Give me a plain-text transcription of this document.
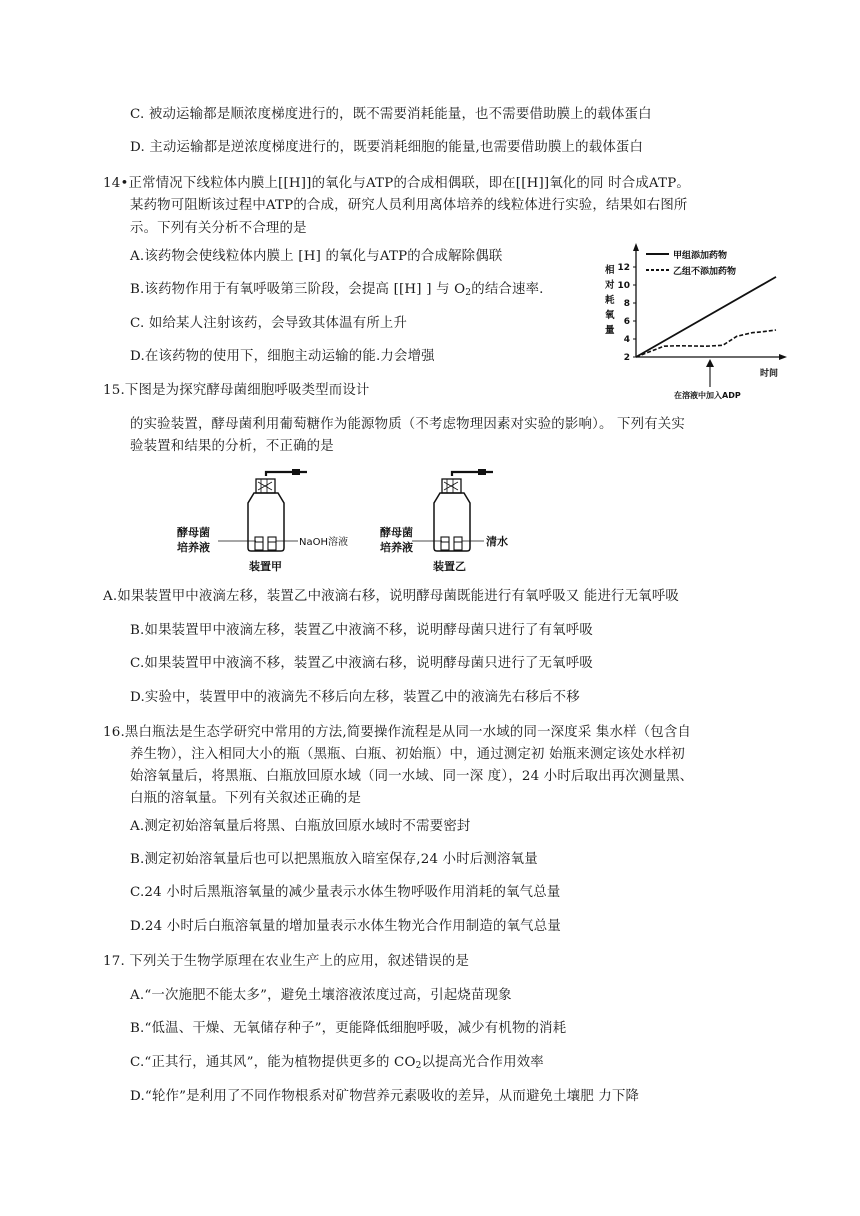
C. 被动运输都是顺浓度梯度进行的，既不需要消耗能量，也不需要借助膜上的载体蛋白
D. 主动运输都是逆浓度梯度进行的，既要消耗细胞的能量,也需要借助膜上的载体蛋白
14•正常情况下线粒体内膜上[[H]]的氧化与ATP的合成相偶联，即在[[H]]氧化的同 时合成ATP。
某药物可阻断该过程中ATP的合成，研究人员利用离体培养的线粒体进行实验，结果如右图所
示。下列有关分析不合理的是
A.该药物会使线粒体内膜上 [H] 的氧化与ATP的合成解除偶联
B.该药物作用于有氧呼吸第三阶段，会提高 [[H] ] 与 $O_2$的结合速率.
C. 如给某人注射该药，会导致其体温有所上升
D.在该药物的使用下，细胞主动运输的能.力会增强
相
对
耗
氧
量
2
4
6
8
10
12
甲组添加药物
乙组不添加药物
时间
在溶液中加入ADP
15.下图是为探究酵母菌细胞呼吸类型而设计
的实验装置，酵母菌利用葡萄糖作为能源物质（不考虑物理因素对实验的影响）。 下列有关实
验装置和结果的分析，不正确的是
酵母菌
培养液	NaOH溶液
装置甲
酵母菌
培养液	清水
装置乙
A.如果装置甲中液滴左移，装置乙中液滴右移，说明酵母菌既能进行有氧呼吸又 能进行无氧呼吸
B.如果装置甲中液滴左移，装置乙中液滴不移，说明酵母菌只进行了有氧呼吸
C.如果装置甲中液滴不移，装置乙中液滴右移，说明酵母菌只进行了无氧呼吸
D.实验中，装置甲中的液滴先不移后向左移，装置乙中的液滴先右移后不移
16.黑白瓶法是生态学研究中常用的方法,简要操作流程是从同一水域的同一深度采 集水样（包含自
养生物），注入相同大小的瓶（黑瓶、白瓶、初始瓶）中，通过测定初 始瓶来测定该处水样初
始溶氧量后，将黑瓶、白瓶放回原水域（同一水域、同一深 度），24 小时后取出再次测量黑、
白瓶的溶氧量。下列有关叙述正确的是
A.测定初始溶氧量后将黑、白瓶放回原水域时不需要密封
B.测定初始溶氧量后也可以把黑瓶放入暗室保存,24 小时后测溶氧量
C.24 小时后黑瓶溶氧量的减少量表示水体生物呼吸作用消耗的氧气总量
D.24 小时后白瓶溶氧量的增加量表示水体生物光合作用制造的氧气总量
17. 下列关于生物学原理在农业生产上的应用，叙述错误的是
A.“一次施肥不能太多”，避免土壤溶液浓度过高，引起烧苗现象
B.“低温、干燥、无氧储存种子”，更能降低细胞呼吸，减少有机物的消耗
C.“正其行，通其风”，能为植物提供更多的 $CO_2$以提高光合作用效率
D.“轮作”是利用了不同作物根系对矿物营养元素吸收的差异，从而避免土壤肥 力下降
